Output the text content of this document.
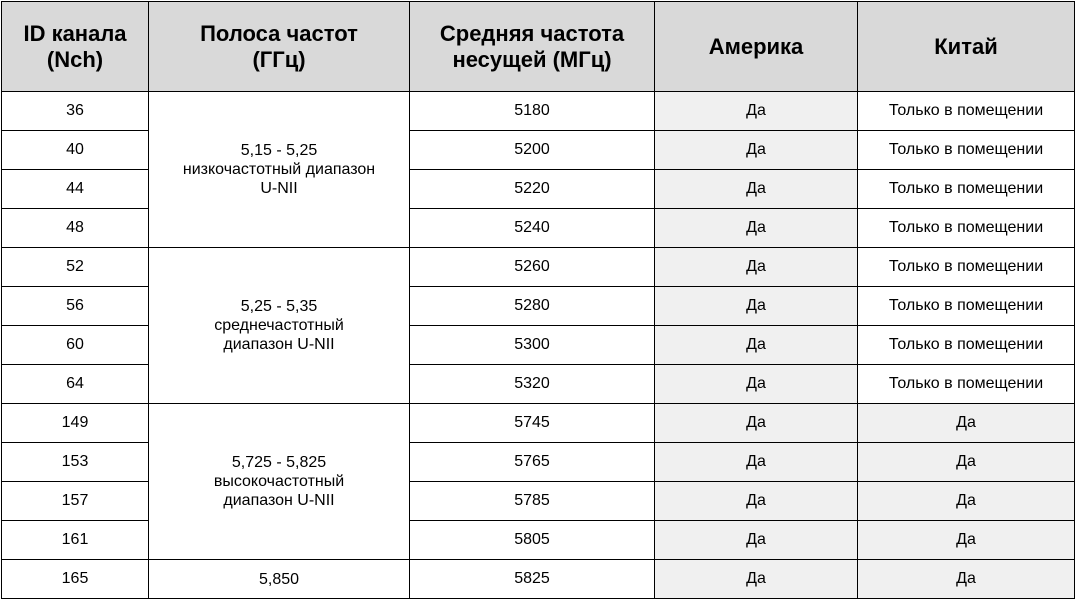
ID канала
(Nch)	Полоса частот
(ГГц)	Средняя частота
несущей (МГц)	Америка	Китай
36	5,15 - 5,25
низкочастотный диапазон
U-NII	5180	Да	Только в помещении
40		5200	Да	Только в помещении
44		5220	Да	Только в помещении
48		5240	Да	Только в помещении
52	5,25 - 5,35
среднечастотный
диапазон U-NII	5260	Да	Только в помещении
56		5280	Да	Только в помещении
60		5300	Да	Только в помещении
64		5320	Да	Только в помещении
149	5,725 - 5,825
высокочастотный
диапазон U-NII	5745	Да	Да
153		5765	Да	Да
157		5785	Да	Да
161		5805	Да	Да
165	5,850	5825	Да	Да
